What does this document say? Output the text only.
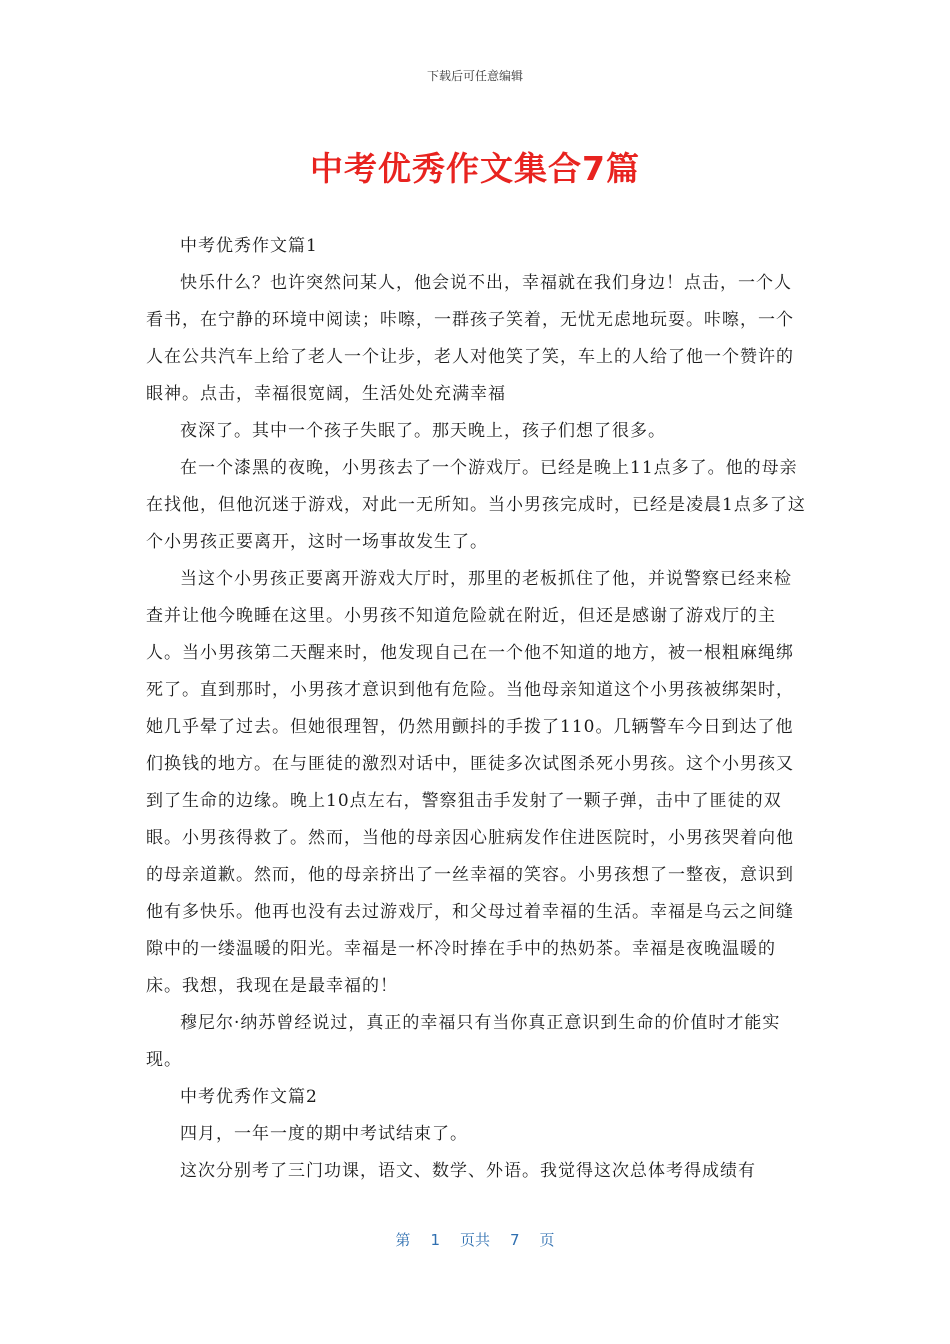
下载后可任意编辑
中考优秀作文集合7篇

中考优秀作文篇1

快乐什么？也许突然问某人，他会说不出，幸福就在我们身边！点击，一个人看书，在宁静的环境中阅读；咔嚓，一群孩子笑着，无忧无虑地玩耍。咔嚓，一个人在公共汽车上给了老人一个让步，老人对他笑了笑，车上的人给了他一个赞许的眼神。点击，幸福很宽阔，生活处处充满幸福

夜深了。其中一个孩子失眠了。那天晚上，孩子们想了很多。

在一个漆黑的夜晚，小男孩去了一个游戏厅。已经是晚上11点多了。他的母亲在找他，但他沉迷于游戏，对此一无所知。当小男孩完成时，已经是凌晨1点多了这个小男孩正要离开，这时一场事故发生了。

当这个小男孩正要离开游戏大厅时，那里的老板抓住了他，并说警察已经来检查并让他今晚睡在这里。小男孩不知道危险就在附近，但还是感谢了游戏厅的主人。当小男孩第二天醒来时，他发现自己在一个他不知道的地方，被一根粗麻绳绑死了。直到那时，小男孩才意识到他有危险。当他母亲知道这个小男孩被绑架时，她几乎晕了过去。但她很理智，仍然用颤抖的手拨了110。几辆警车今日到达了他们换钱的地方。在与匪徒的激烈对话中，匪徒多次试图杀死小男孩。这个小男孩又到了生命的边缘。晚上10点左右，警察狙击手发射了一颗子弹，击中了匪徒的双眼。小男孩得救了。然而，当他的母亲因心脏病发作住进医院时，小男孩哭着向他的母亲道歉。然而，他的母亲挤出了一丝幸福的笑容。小男孩想了一整夜，意识到他有多快乐。他再也没有去过游戏厅，和父母过着幸福的生活。幸福是乌云之间缝隙中的一缕温暖的阳光。幸福是一杯冷时捧在手中的热奶茶。幸福是夜晚温暖的床。我想，我现在是最幸福的！

穆尼尔·纳苏曾经说过，真正的幸福只有当你真正意识到生命的价值时才能实现。

中考优秀作文篇2

四月，一年一度的期中考试结束了。

这次分别考了三门功课，语文、数学、外语。我觉得这次总体考得成绩有

第 1 页共 7 页
